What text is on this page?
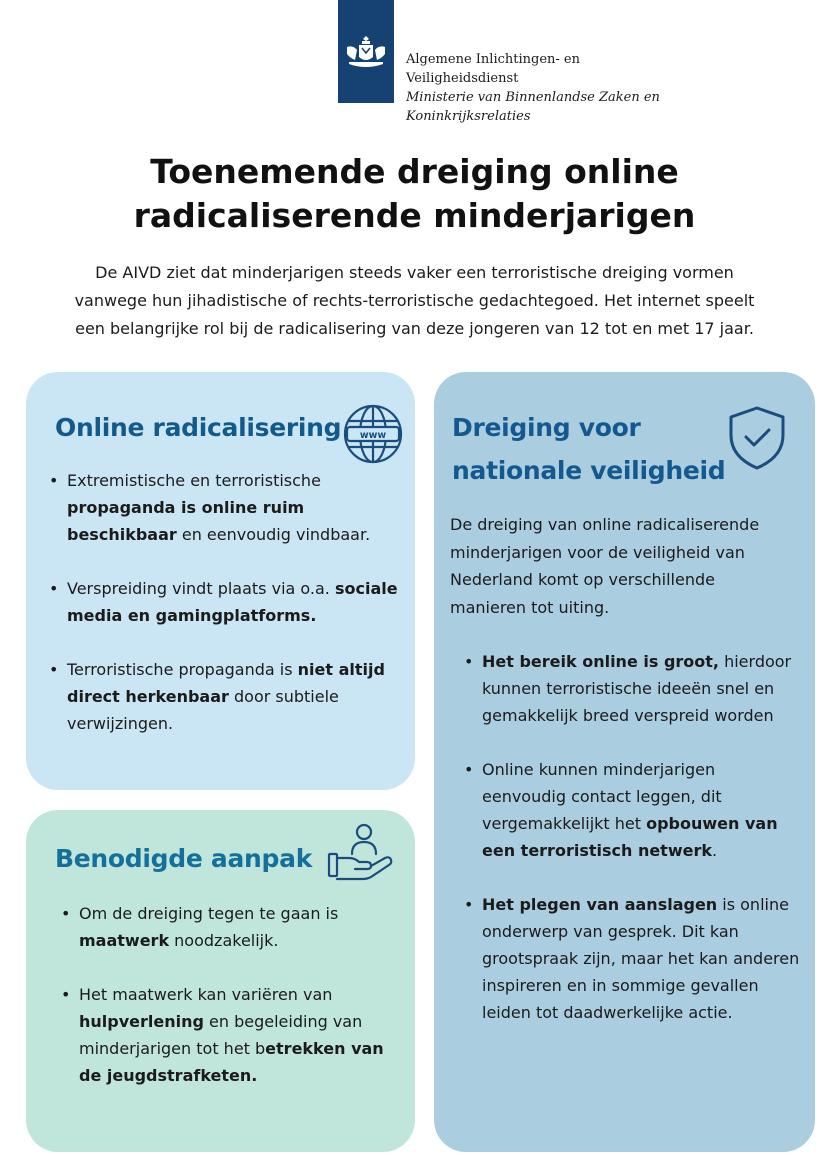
Algemene Inlichtingen- en
Veiligheidsdienst
Ministerie van Binnenlandse Zaken en
Koninkrijksrelaties
Toenemende dreiging online
radicaliserende minderjarigen
De AIVD ziet dat minderjarigen steeds vaker een terroristische dreiging vormen
vanwege hun jihadistische of rechts-terroristische gedachtegoed. Het internet speelt
een belangrijke rol bij de radicalisering van deze jongeren van 12 tot en met 17 jaar.
Online radicalisering www
• Extremistische en terroristische propaganda is online ruim beschikbaar en eenvoudig vindbaar.
• Verspreiding vindt plaats via o.a. sociale media en gamingplatforms.
• Terroristische propaganda is niet altijd direct herkenbaar door subtiele verwijzingen.
Benodigde aanpak
• Om de dreiging tegen te gaan is maatwerk noodzakelijk.
• Het maatwerk kan variëren van hulpverlening en begeleiding van minderjarigen tot het betrekken van de jeugdstrafketen.
Dreiging voor nationale veiligheid

De dreiging van online radicaliserende minderjarigen voor de veiligheid van Nederland komt op verschillende manieren tot uiting.

• Het bereik online is groot, hierdoor kunnen terroristische ideeën snel en gemakkelijk breed verspreid worden
• Online kunnen minderjarigen eenvoudig contact leggen, dit vergemakkelijkt het opbouwen van een terroristisch netwerk.
• Het plegen van aanslagen is online onderwerp van gesprek. Dit kan grootspraak zijn, maar het kan anderen inspireren en in sommige gevallen leiden tot daadwerkelijke actie.
